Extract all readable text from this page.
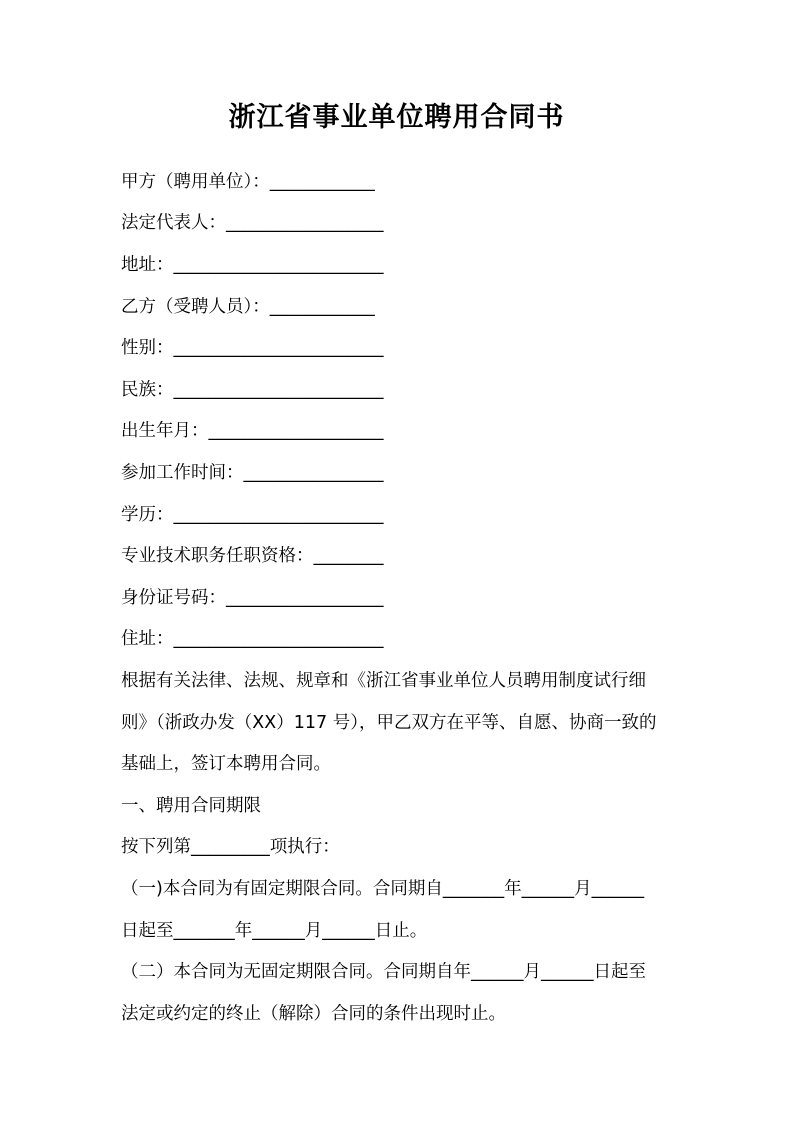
浙江省事业单位聘用合同书
甲方（聘用单位）：____________
法定代表人：__________________
地址：________________________
乙方（受聘人员）：____________
性别：________________________
民族：________________________
出生年月：____________________
参加工作时间：________________
学历：________________________
专业技术职务任职资格：________
身份证号码：__________________
住址：________________________
根据有关法律、法规、规章和《浙江省事业单位人员聘用制度试行细
则》（浙政办发（XX）117 号），甲乙双方在平等、自愿、协商一致的
基础上，签订本聘用合同。
一、聘用合同期限
按下列第_________项执行：
（一)本合同为有固定期限合同。合同期自_______年______月______
日起至_______年______月______日止。
（二）本合同为无固定期限合同。合同期自年______月______日起至
法定或约定的终止（解除）合同的条件出现时止。
